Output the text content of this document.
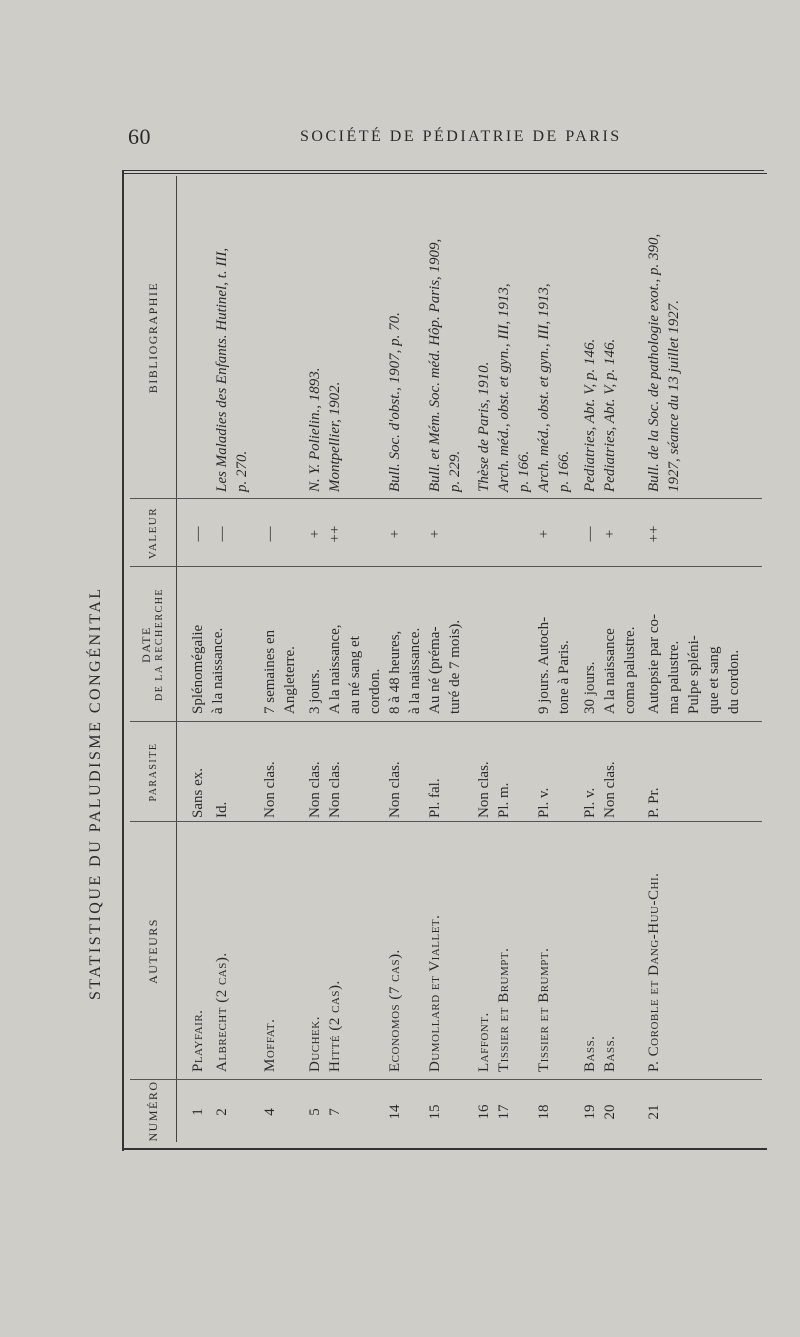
60	SOCIÉTÉ DE PÉDIATRIE DE PARIS
STATISTIQUE DU PALUDISME CONGÉNITAL
NUMÉRO
AUTEURS
PARASITE
DATE DE LA RECHERCHE
VALEUR
BIBLIOGRAPHIE
1
Playfair.
Sans ex.
Splénomégalie à la naissance.
—
2
Albrecht (2 cas).
Id.
—
Les Maladies des Enfants. Hutinel, t. III, p. 270.
4
Moffat.
Non clas.
7 semaines en Angleterre.
—
5
Duchek.
Non clas.
3 jours.
+
N. Y. Polielin., 1893.
7
Hitté (2 cas).
Non clas.
A la naissance, au né sang et cordon.
++
Montpellier, 1902.
14
Economos (7 cas).
Non clas.
8 à 48 heures, à la naissance.
+
Bull. Soc. d'obst., 1907, p. 70.
15
Dumollard et Viallet.
Pl. fal.
Au né (préma- turé de 7 mois).
+
Bull. et Mém. Soc. méd. Hôp. Paris, 1909, p. 229.
16
Laffont.
Non clas.
Thèse de Paris, 1910.
17
Tissier et Brumpt.
Pl. m.
Arch. méd., obst. et gyn., III, 1913, p. 166.
18
Tissier et Brumpt.
Pl. v.
9 jours. Autoch- tone à Paris.
+
Arch. méd., obst. et gyn., III, 1913, p. 166.
19
Bass.
Pl. v.
30 jours.
—
Pediatries, Abt. V, p. 146.
20
Bass.
Non clas.
A la naissance coma palustre.
+
Pediatries, Abt. V, p. 146.
21
P. Coroble et Dang-Huu-Chi.
P. Pr.
Autopsie par co- ma palustre. Pulpe spléni- que et sang du cordon.
++
Bull. de la Soc. de pathologie exot., p. 390, 1927, séance du 13 juillet 1927.
